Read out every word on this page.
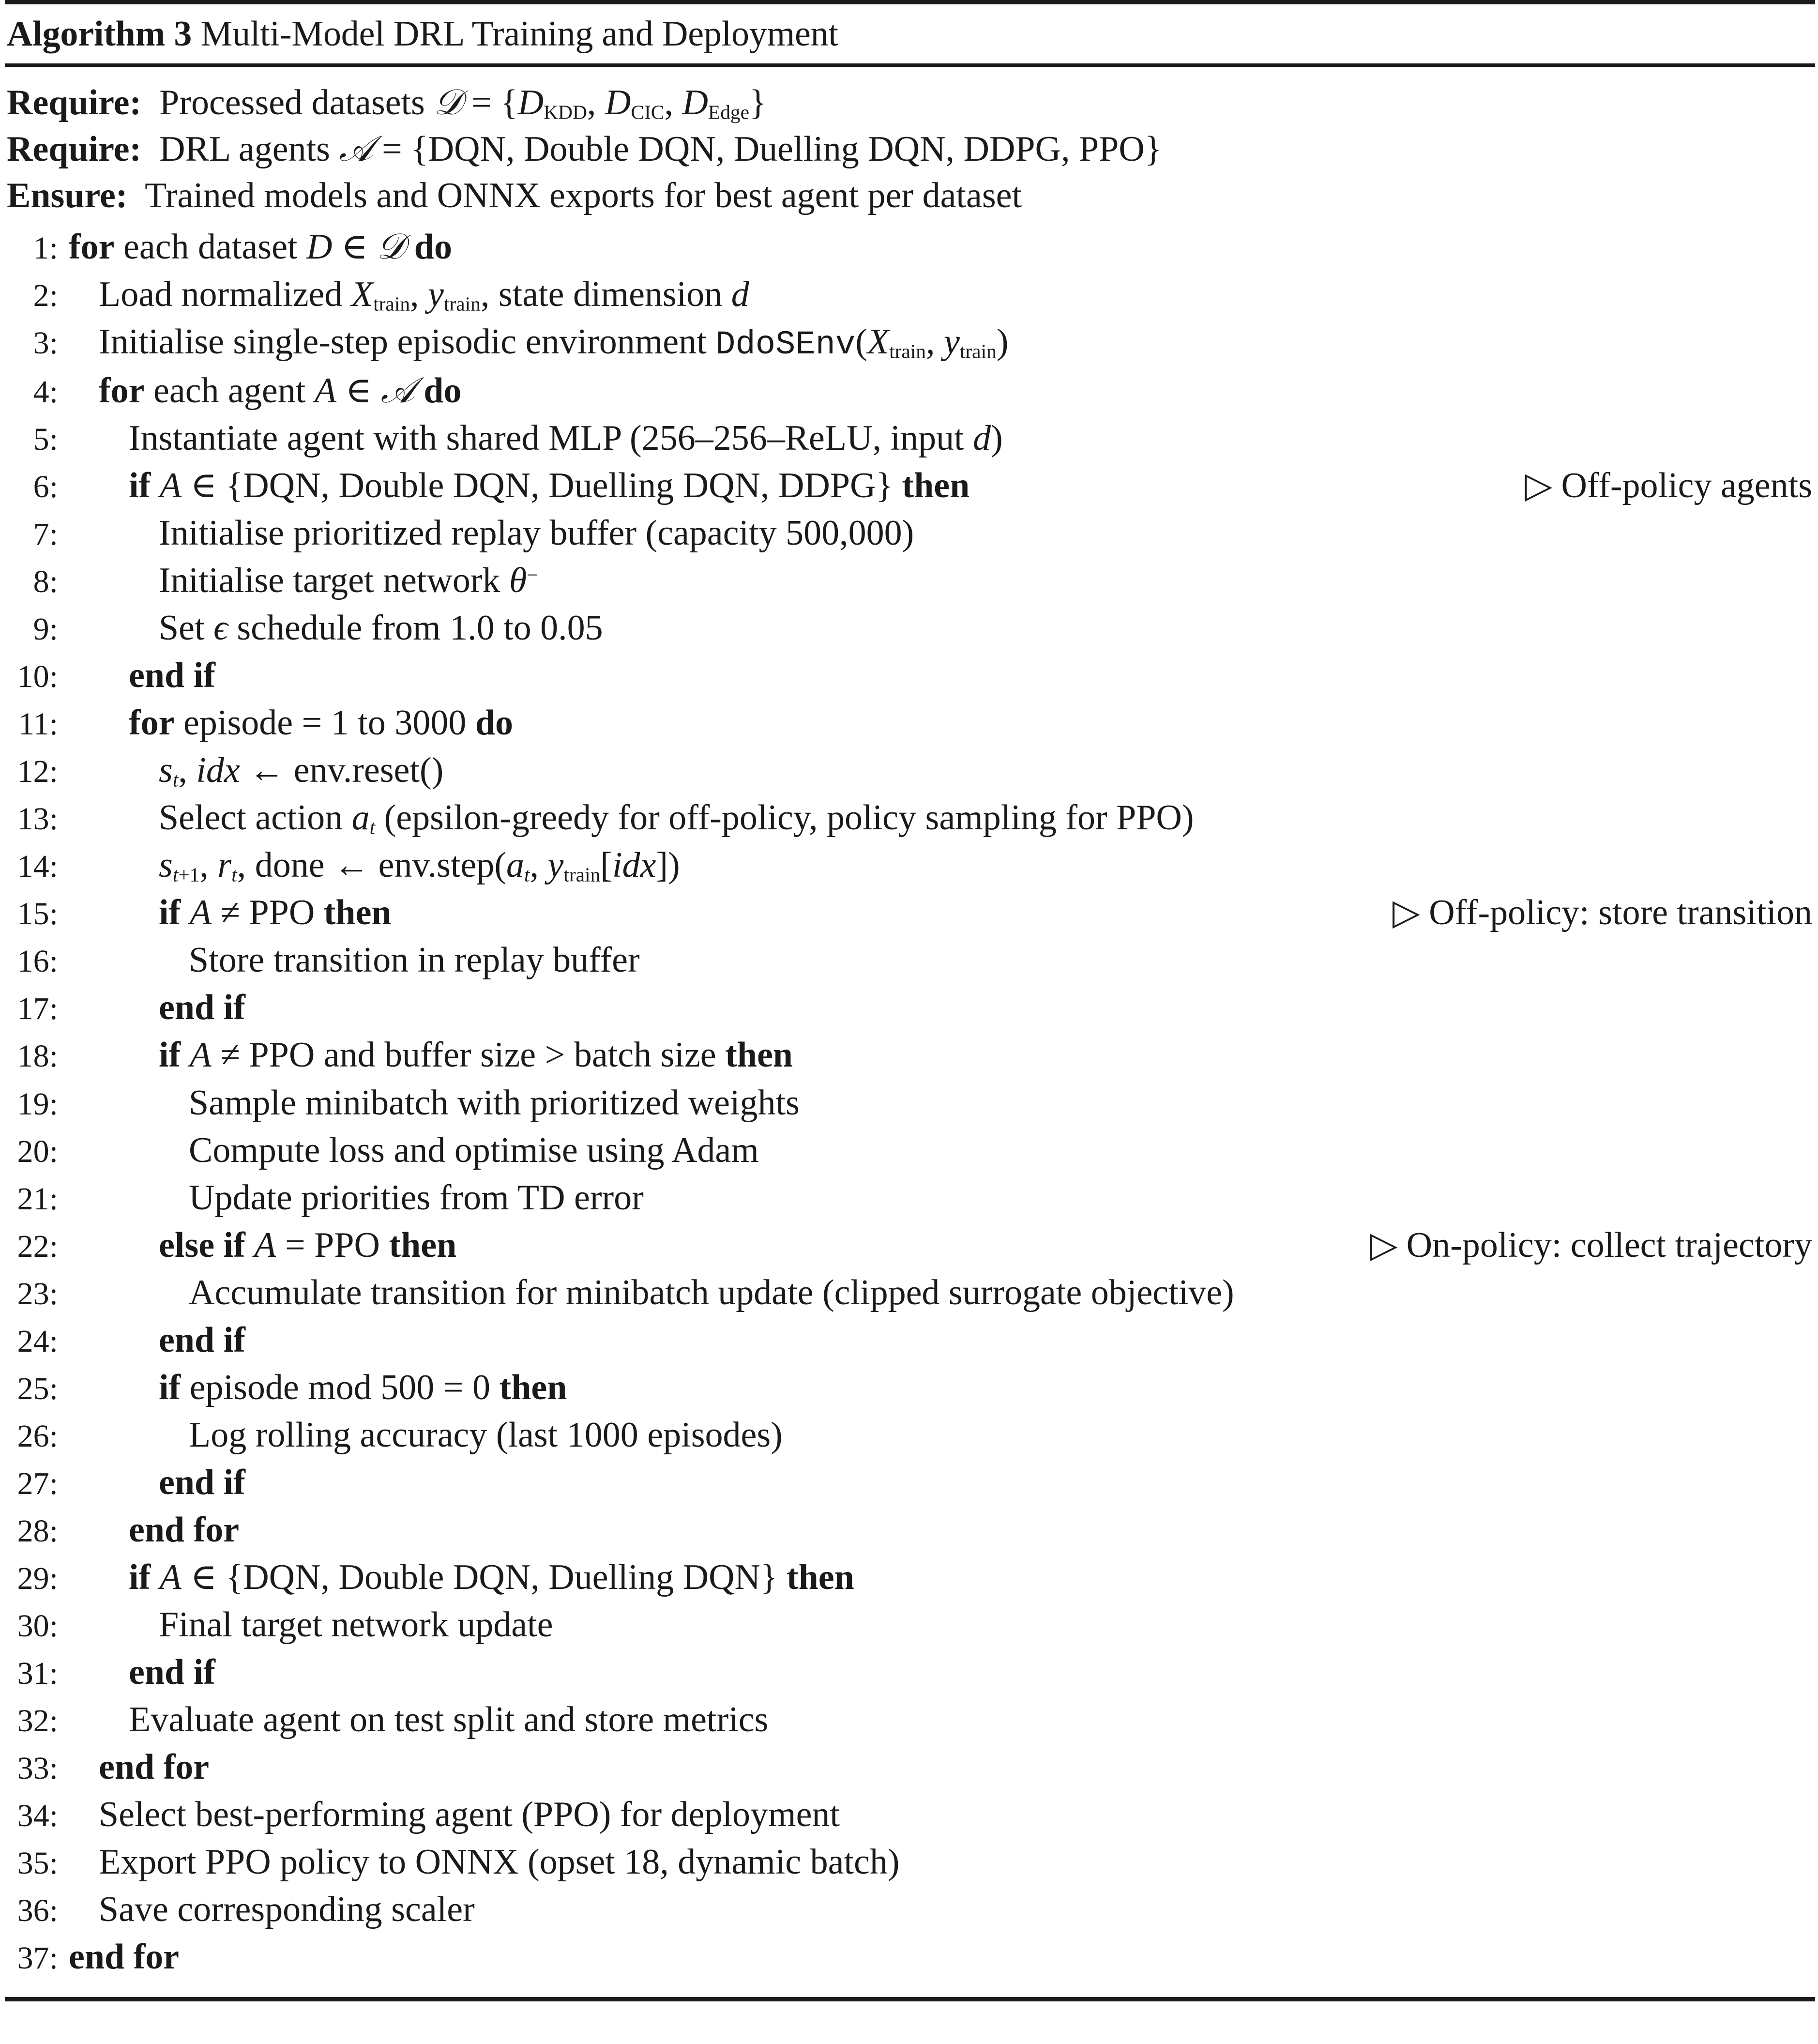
Algorithm 3 Multi-Model DRL Training and Deployment
Require: Processed datasets 𝒟 = {$D_{KDD}$, $D_{CIC}$, $D_{Edge}$}
Require: DRL agents 𝒜 = {DQN, Double DQN, Duelling DQN, DDPG, PPO}
Ensure: Trained models and ONNX exports for best agent per dataset
1: for each dataset D ∈ 𝒟 do
2:	Load normalized $X_{train}$, $y_{train}$, state dimension d
3:	Initialise single-step episodic environment $DdoSEnv(X_{train}$, $y_{train}$)
4:	for each agent A ∈ 𝒜 do
5:	Instantiate agent with shared MLP (256–256–ReLU, input d)
6:	if A ∈ {DQN, Double DQN, Duelling DQN, DDPG} then	▷ Off-policy agents
7:	Initialise prioritized replay buffer (capacity 500,000)
8:	Initialise target network θ−
9:	Set ϵ schedule from 1.0 to 0.05
10:	end if
11:	for episode = 1 to 3000 do
12:	$s_t$, idx ← env.reset()
13:	Select action $a_t$ (epsilon-greedy for off-policy, policy sampling for PPO)
14:	$s_{t+1}$, $r_t$, done ← $env.step(a_t$, $y_{train}[idx]$)
15:	if A ≠ PPO then	▷ Off-policy: store transition
16:	Store transition in replay buffer
17:	end if
18:	if A ≠ PPO and buffer size > batch size then
19:	Sample minibatch with prioritized weights
20:	Compute loss and optimise using Adam
21:	Update priorities from TD error
22:	else if A = PPO then	▷ On-policy: collect trajectory
23:	Accumulate transition for minibatch update (clipped surrogate objective)
24:	end if
25:	if episode mod 500 = 0 then
26:	Log rolling accuracy (last 1000 episodes)
27:	end if
28:	end for
29:	if A ∈ {DQN, Double DQN, Duelling DQN} then
30:	Final target network update
31:	end if
32:	Evaluate agent on test split and store metrics
33:	end for
34:	Select best-performing agent (PPO) for deployment
35:	Export PPO policy to ONNX (opset 18, dynamic batch)
36:	Save corresponding scaler
37: end for
